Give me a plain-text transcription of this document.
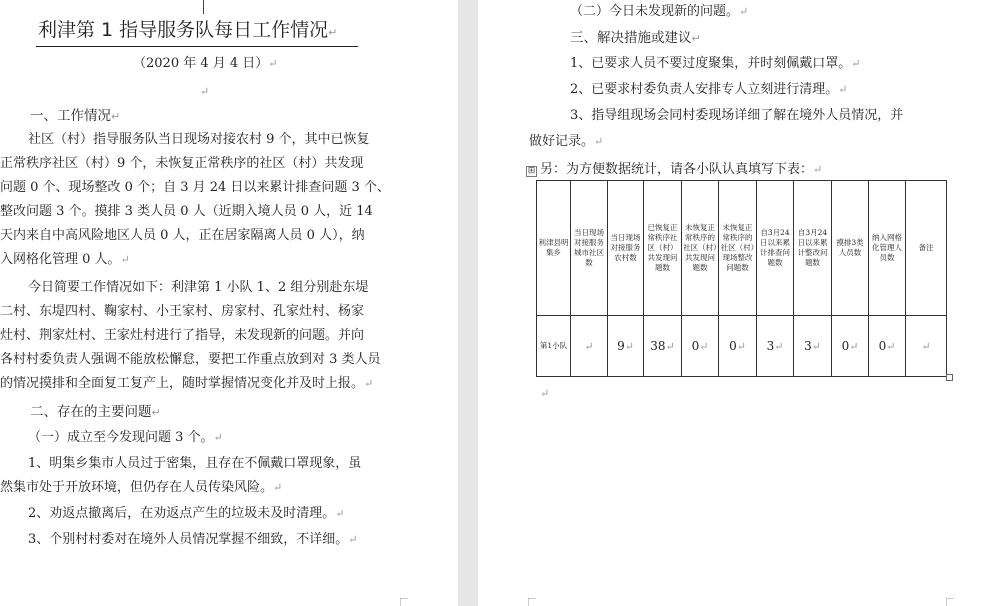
利津第 1 指导服务队每日工作情况↵
（2020 年 4 月 4 日）↵
↵
一、工作情况↵
社区（村）指导服务队当日现场对接农村 9 个，其中已恢复
正常秩序社区（村）9 个，未恢复正常秩序的社区（村）共发现
问题 0 个、现场整改 0 个；自 3 月 24 日以来累计排查问题 3 个、
整改问题 3 个。摸排 3 类人员 0 人（近期入境人员 0 人，近 14
天内来自中高风险地区人员 0 人，正在居家隔离人员 0 人），纳
入网格化管理 0 人。↵
今日简要工作情况如下：利津第 1 小队 1、2 组分别赴东堤
二村、东堤四村、鞠家村、小王家村、房家村、孔家灶村、杨家
灶村、荆家灶村、王家灶村进行了指导，未发现新的问题。并向
各村村委负责人强调不能放松懈怠，要把工作重点放到对 3 类人员
的情况摸排和全面复工复产上，随时掌握情况变化并及时上报。↵
二、存在的主要问题↵
（一）成立至今发现问题 3 个。↵
1、明集乡集市人员过于密集，且存在不佩戴口罩现象，虽
然集市处于开放环境，但仍存在人员传染风险。↵
2、劝返点撤离后，在劝返点产生的垃圾未及时清理。↵
3、个别村村委对在境外人员情况掌握不细致，不详细。↵
（二）今日未发现新的问题。↵
三、解决措施或建议↵
1、已要求人员不要过度聚集，并时刻佩戴口罩。↵
2、已要求村委负责人安排专人立刻进行清理。↵
3、指导组现场会同村委现场详细了解在境外人员情况，并
做好记录。↵
⊞ 另：为方便数据统计，请各小队认真填写下表：↵
利津县明集乡	当日现场对接服务城市社区数	当日现场对接服务农村数	已恢复正常秩序社区（村）共发现问题数	未恢复正常秩序的社区（村）共发现问题数	未恢复正常秩序的社区（村）现场整改问题数	自3月24日以来累计排查问题数	自3月24日以来累计整改问题数	摸排3类人员数	纳入网格化管理人员数	备注
第1小队	↵	9↵	38↵	0↵	0↵	3↵	3↵	0↵	0↵	↵
↵
